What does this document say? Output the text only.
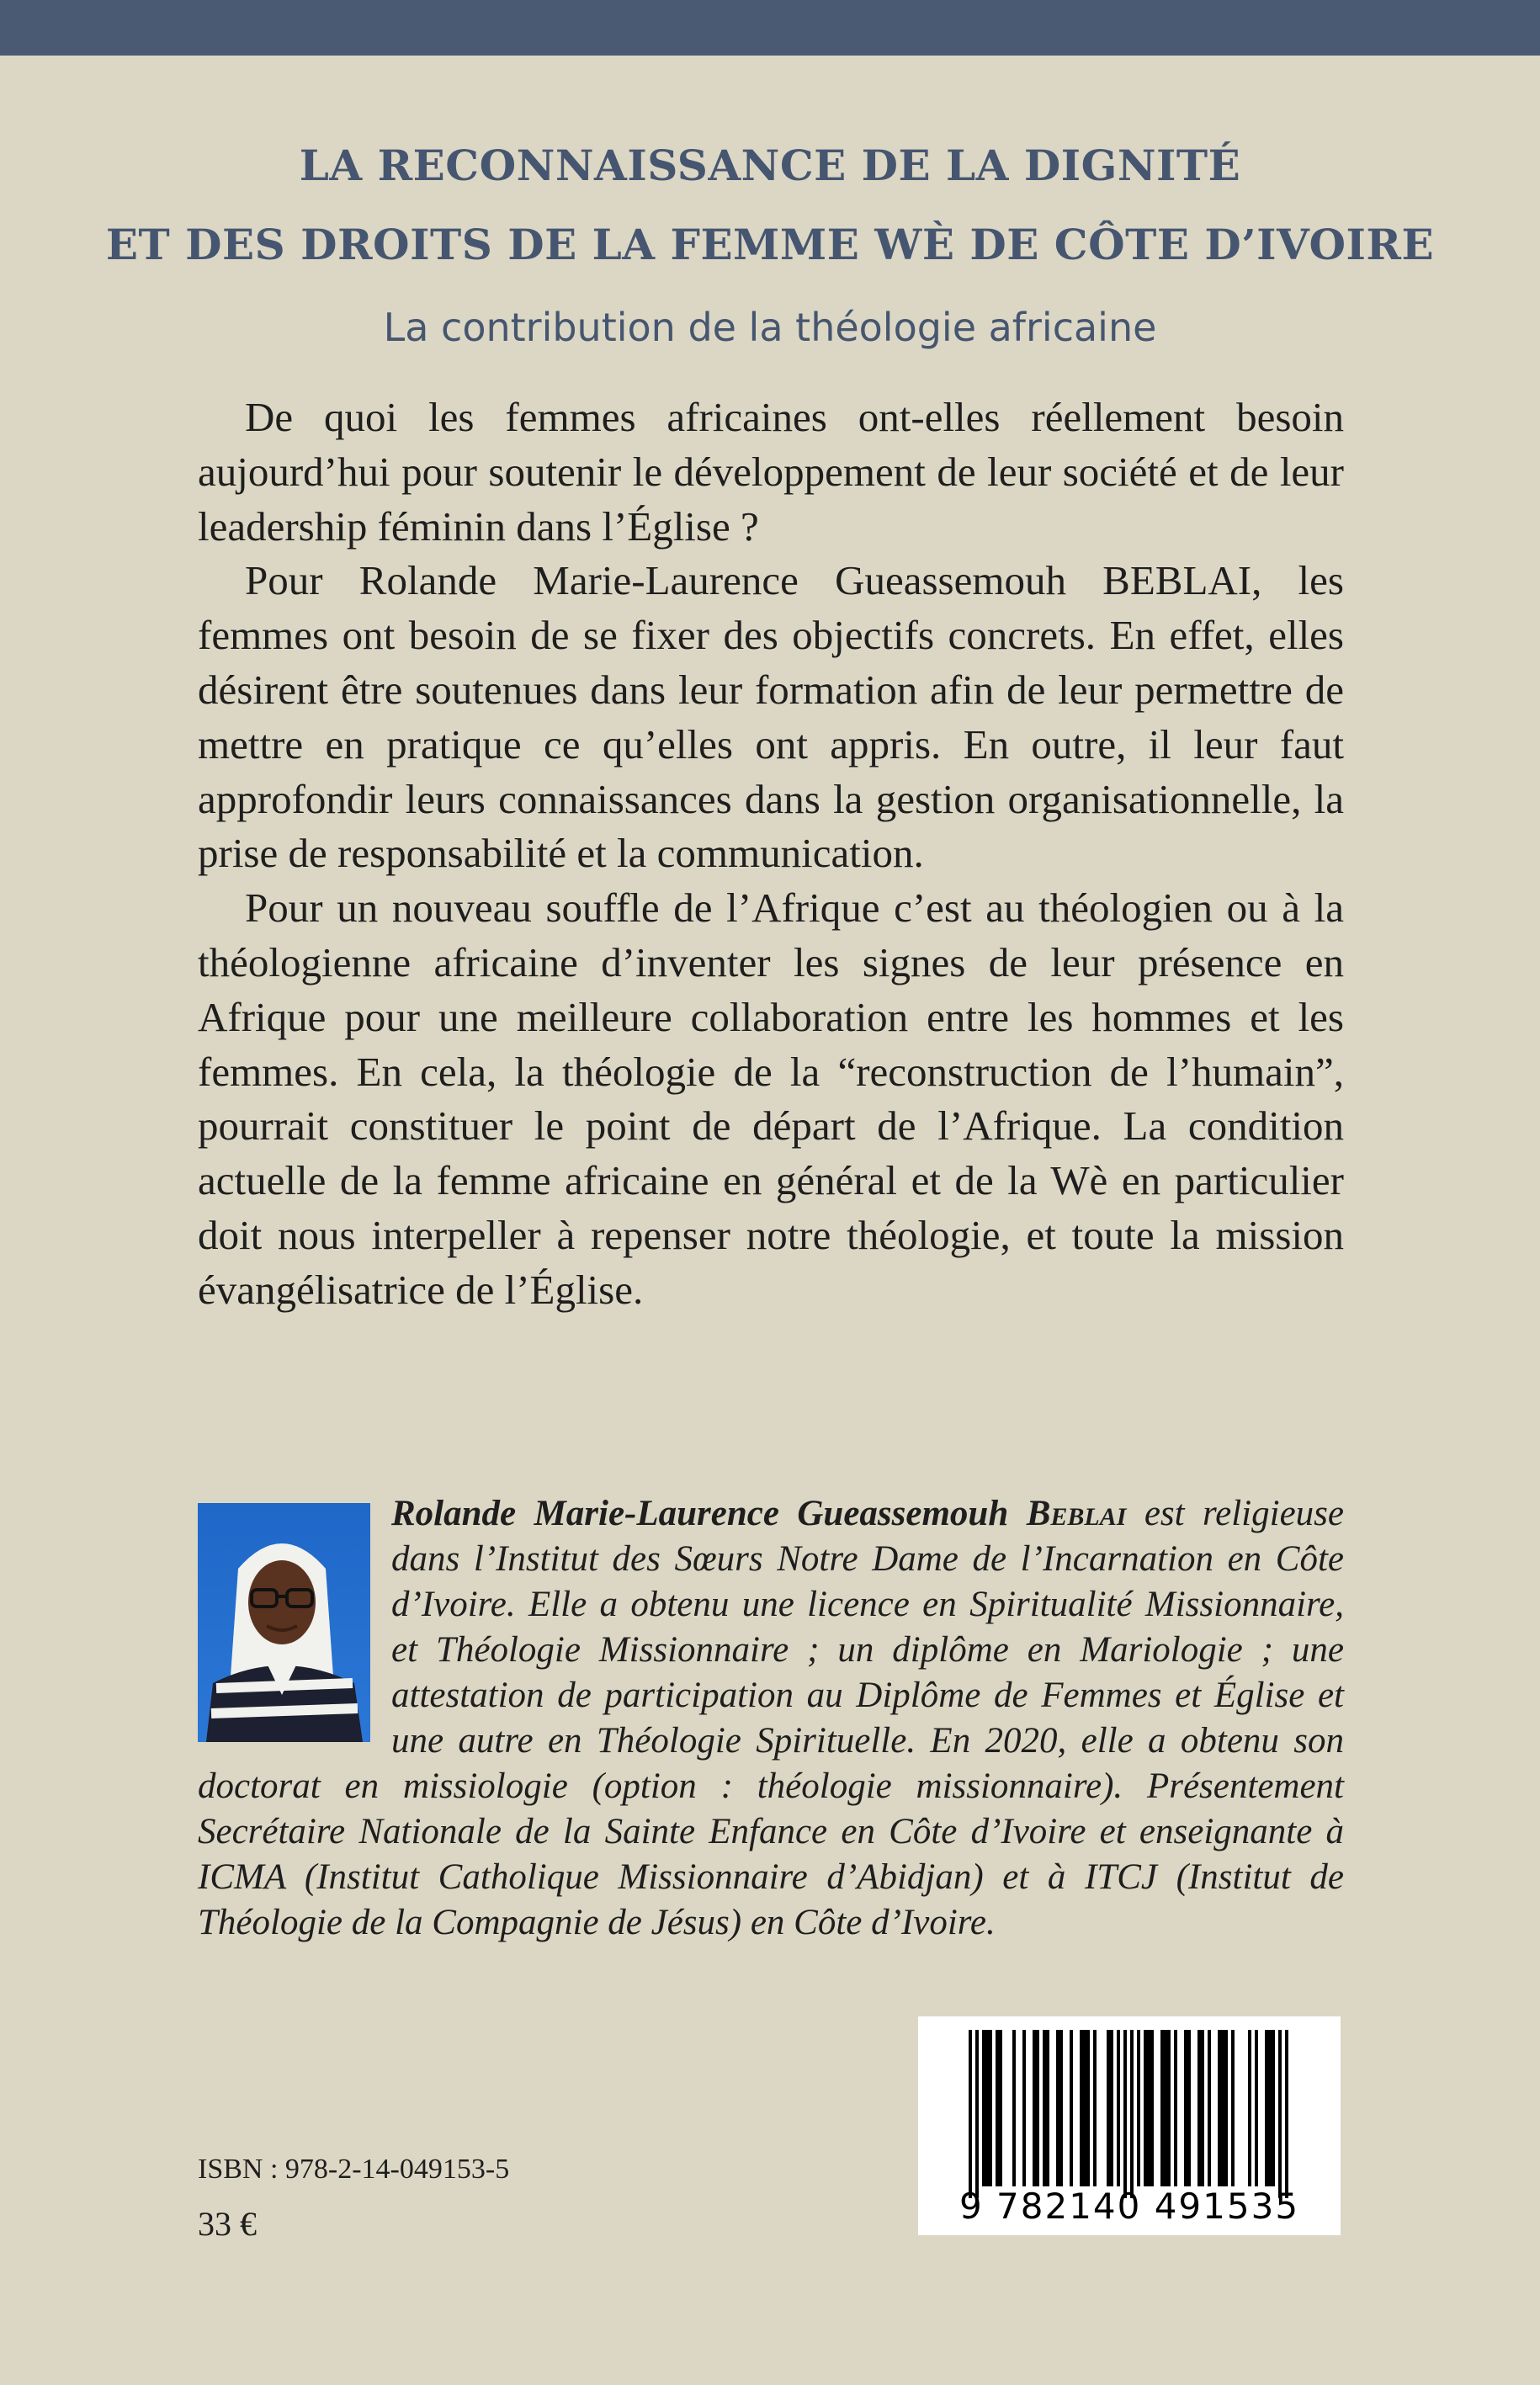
LA RECONNAISSANCE DE LA DIGNITÉ
ET DES DROITS DE LA FEMME WÈ DE CÔTE D’IVOIRE
La contribution de la théologie africaine

De quoi les femmes africaines ont-elles réellement besoin aujourd’hui pour soutenir le développement de leur société et de leur leadership féminin dans l’Église ?

Pour Rolande Marie-Laurence Gueassemouh BEBLAI, les femmes ont besoin de se fixer des objectifs concrets. En effet, elles désirent être soutenues dans leur formation afin de leur permettre de mettre en pratique ce qu’elles ont appris. En outre, il leur faut approfondir leurs connaissances dans la gestion organisationnelle, la prise de responsabilité et la communication.

Pour un nouveau souffle de l’Afrique c’est au théologien ou à la théologienne africaine d’inventer les signes de leur présence en Afrique pour une meilleure collaboration entre les hommes et les femmes. En cela, la théologie de la “reconstruction de l’humain”, pourrait constituer le point de départ de l’Afrique. La condition actuelle de la femme africaine en général et de la Wè en particulier doit nous interpeller à repenser notre théologie, et toute la mission évangélisatrice de l’Église.

Rolande Marie-Laurence Gueassemouh Beblai est religieuse dans l’Institut des Sœurs Notre Dame de l’Incarnation en Côte d’Ivoire. Elle a obtenu une licence en Spiritualité Missionnaire, et Théologie Missionnaire ; un diplôme en Mariologie ; une attestation de participation au Diplôme de Femmes et Église et une autre en Théologie Spirituelle. En 2020, elle a obtenu son doctorat en missiologie (option : théologie missionnaire). Présentement Secrétaire Nationale de la Sainte Enfance en Côte d’Ivoire et enseignante à ICMA (Institut Catholique Missionnaire d’Abidjan) et à ITCJ (Institut de Théologie de la Compagnie de Jésus) en Côte d’Ivoire.
ISBN : 978-2-14-049153-5
33 €	9 782140 491535
